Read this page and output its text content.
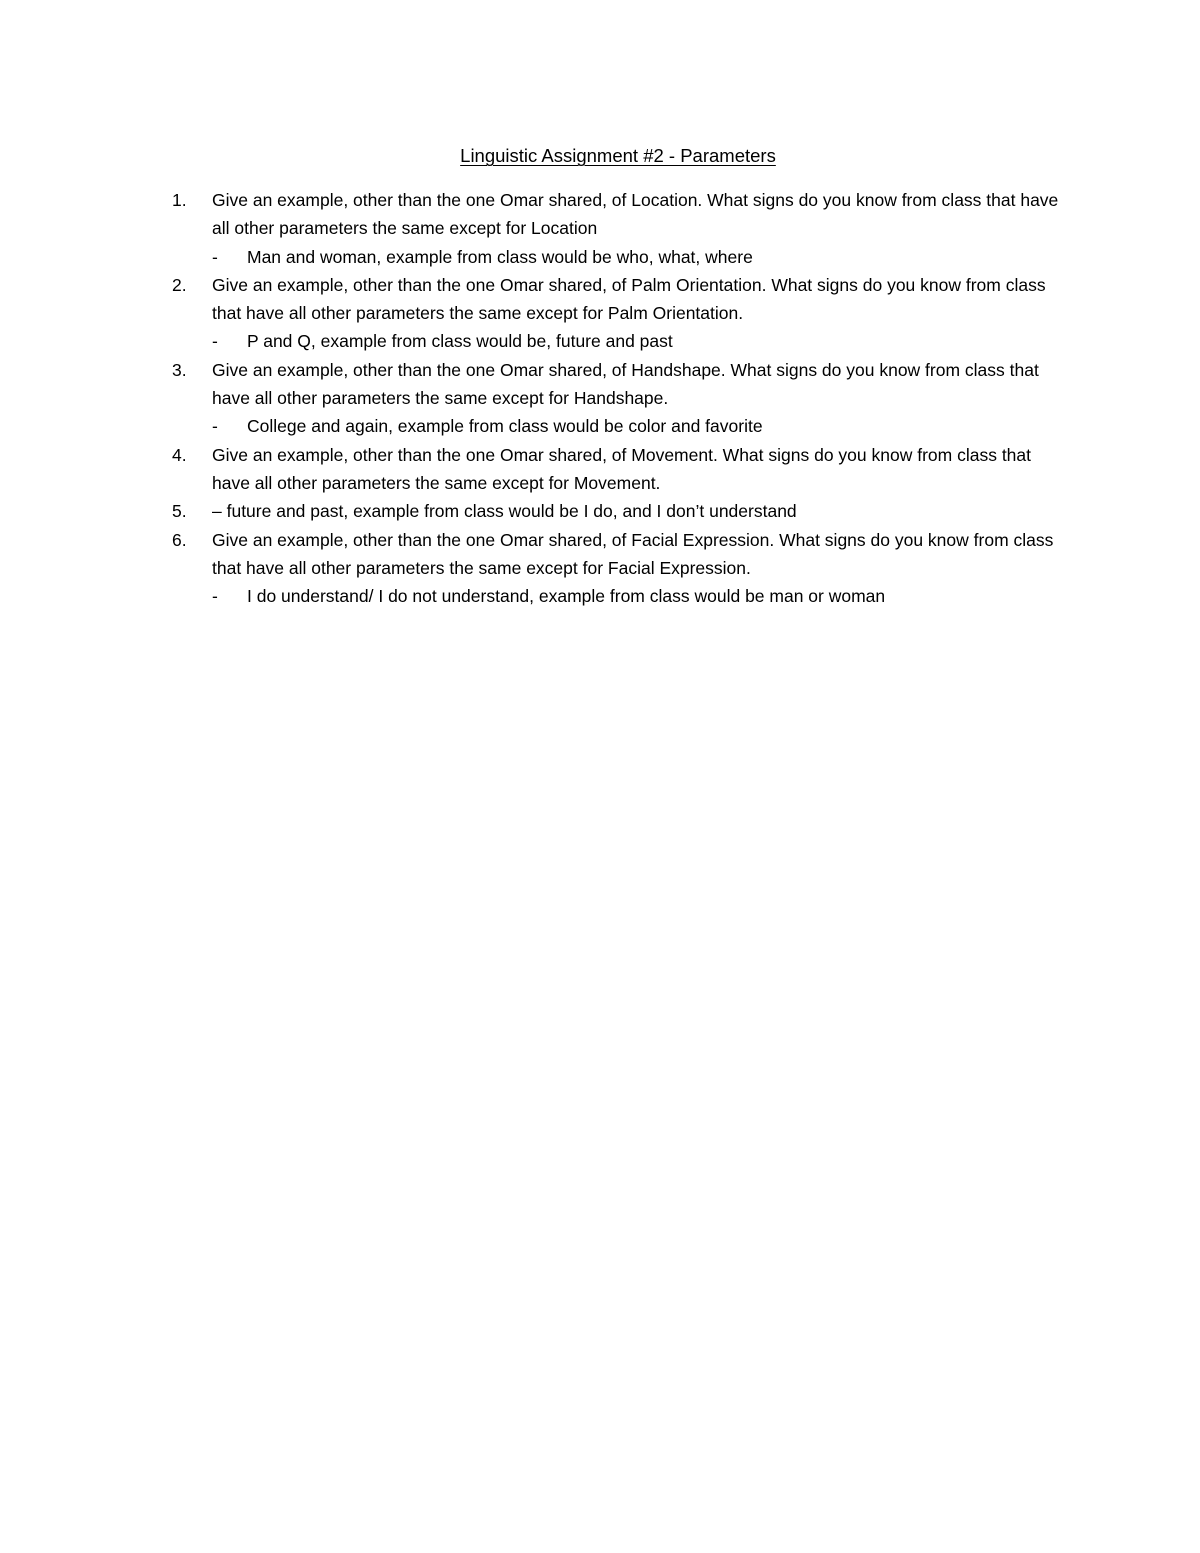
Linguistic Assignment #2 - Parameters
1.	Give an example, other than the one Omar shared, of Location. What signs do you know from class that have all other parameters the same except for Location
-	Man and woman, example from class would be who, what, where
2.	Give an example, other than the one Omar shared, of Palm Orientation. What signs do you know from class that have all other parameters the same except for Palm Orientation.
-	P and Q, example from class would be, future and past
3.	Give an example, other than the one Omar shared, of Handshape. What signs do you know from class that have all other parameters the same except for Handshape.
-	College and again, example from class would be color and favorite
4.	Give an example, other than the one Omar shared, of Movement. What signs do you know from class that have all other parameters the same except for Movement.
5.	– future and past, example from class would be I do, and I don’t understand
6.	Give an example, other than the one Omar shared, of Facial Expression. What signs do you know from class that have all other parameters the same except for Facial Expression.
-	I do understand/ I do not understand, example from class would be man or woman
